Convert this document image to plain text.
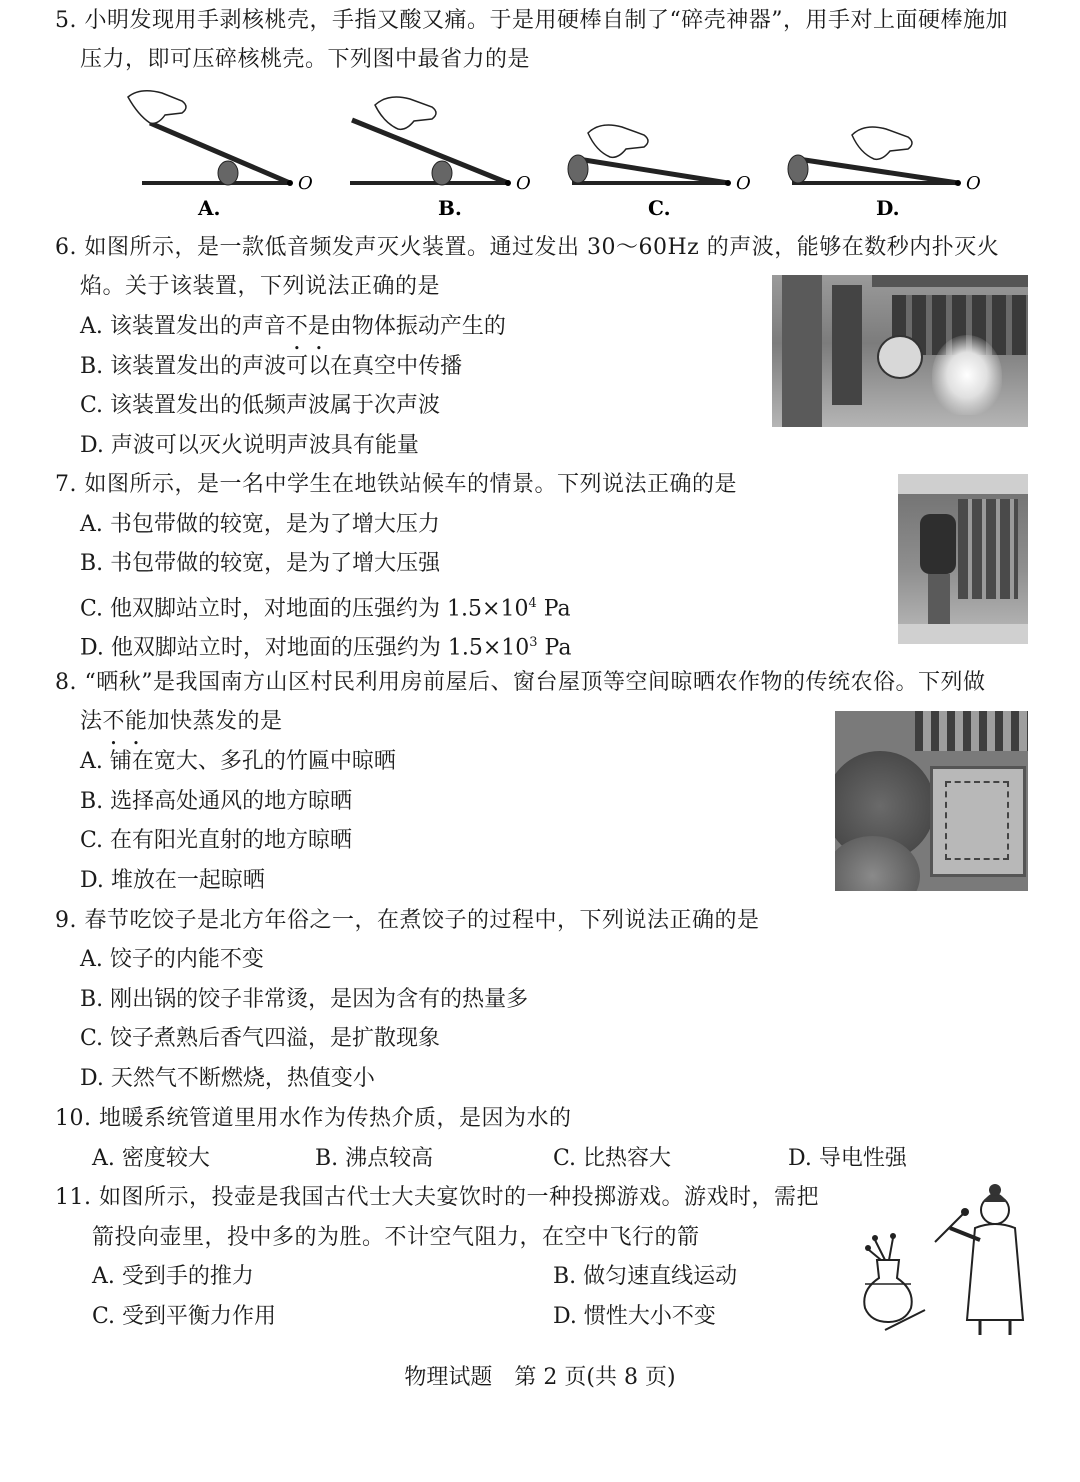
5. 小明发现用手剥核桃壳，手指又酸又痛。于是用硬棒自制了“碎壳神器”，用手对上面硬棒施加
压力，即可压碎核桃壳。下列图中最省力的是
O
A.
O
B.
O
C.
O
D.
6. 如图所示，是一款低音频发声灭火装置。通过发出 30～60Hz 的声波，能够在数秒内扑灭火
焰。关于该装置，下列说法正确的是
A. 该装置发出的声音不是由物体振动产生的
B. 该装置发出的声波可以在真空中传播
C. 该装置发出的低频声波属于次声波
D. 声波可以灭火说明声波具有能量
7. 如图所示，是一名中学生在地铁站候车的情景。下列说法正确的是
A. 书包带做的较宽，是为了增大压力
B. 书包带做的较宽，是为了增大压强
C. 他双脚站立时，对地面的压强约为 $1.5\times 10^4$ Pa
D. 他双脚站立时，对地面的压强约为 $1.5\times 10^3$ Pa
8. “晒秋”是我国南方山区村民利用房前屋后、窗台屋顶等空间晾晒农作物的传统农俗。下列做
法不能加快蒸发的是
A. 铺在宽大、多孔的竹匾中晾晒
B. 选择高处通风的地方晾晒
C. 在有阳光直射的地方晾晒
D. 堆放在一起晾晒
9. 春节吃饺子是北方年俗之一，在煮饺子的过程中，下列说法正确的是
A. 饺子的内能不变
B. 刚出锅的饺子非常烫，是因为含有的热量多
C. 饺子煮熟后香气四溢，是扩散现象
D. 天然气不断燃烧，热值变小
10. 地暖系统管道里用水作为传热介质，是因为水的
A. 密度较大	B. 沸点较高	C. 比热容大	D. 导电性强
11. 如图所示，投壶是我国古代士大夫宴饮时的一种投掷游戏。游戏时，需把
箭投向壶里，投中多的为胜。不计空气阻力，在空中飞行的箭
A. 受到手的推力	B. 做匀速直线运动
C. 受到平衡力作用	D. 惯性大小不变
物理试题　第 2 页(共 8 页)
